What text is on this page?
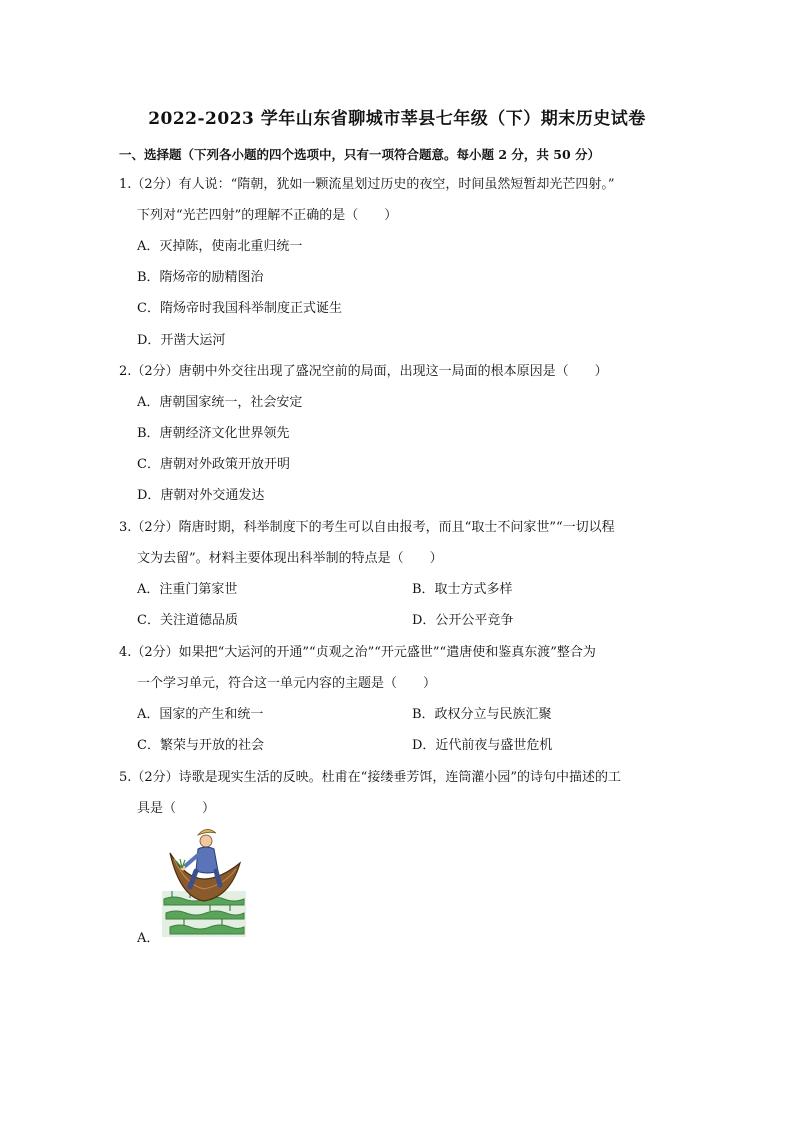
2022-2023 学年山东省聊城市莘县七年级（下）期末历史试卷
一、选择题（下列各小题的四个选项中，只有一项符合题意。每小题 2 分，共 50 分）
1.（2分）有人说：“隋朝，犹如一颗流星划过历史的夜空，时间虽然短暂却光芒四射。”
下列对“光芒四射”的理解不正确的是（　　）
A．灭掉陈，使南北重归统一
B．隋炀帝的励精图治
C．隋炀帝时我国科举制度正式诞生
D．开凿大运河
2.（2分）唐朝中外交往出现了盛况空前的局面，出现这一局面的根本原因是（　　）
A．唐朝国家统一，社会安定
B．唐朝经济文化世界领先
C．唐朝对外政策开放开明
D．唐朝对外交通发达
3.（2分）隋唐时期，科举制度下的考生可以自由报考，而且“取士不问家世”“一切以程
文为去留”。材料主要体现出科举制的特点是（　　）
A．注重门第家世	B．取士方式多样
C．关注道德品质	D．公开公平竞争
4.（2分）如果把“大运河的开通”“贞观之治”“开元盛世”“遣唐使和鉴真东渡”整合为
一个学习单元，符合这一单元内容的主题是（　　）
A．国家的产生和统一	B．政权分立与民族汇聚
C．繁荣与开放的社会	D．近代前夜与盛世危机
5.（2分）诗歌是现实生活的反映。杜甫在“接缕垂芳饵，连筒灌小园”的诗句中描述的工
具是（　　）
A．
